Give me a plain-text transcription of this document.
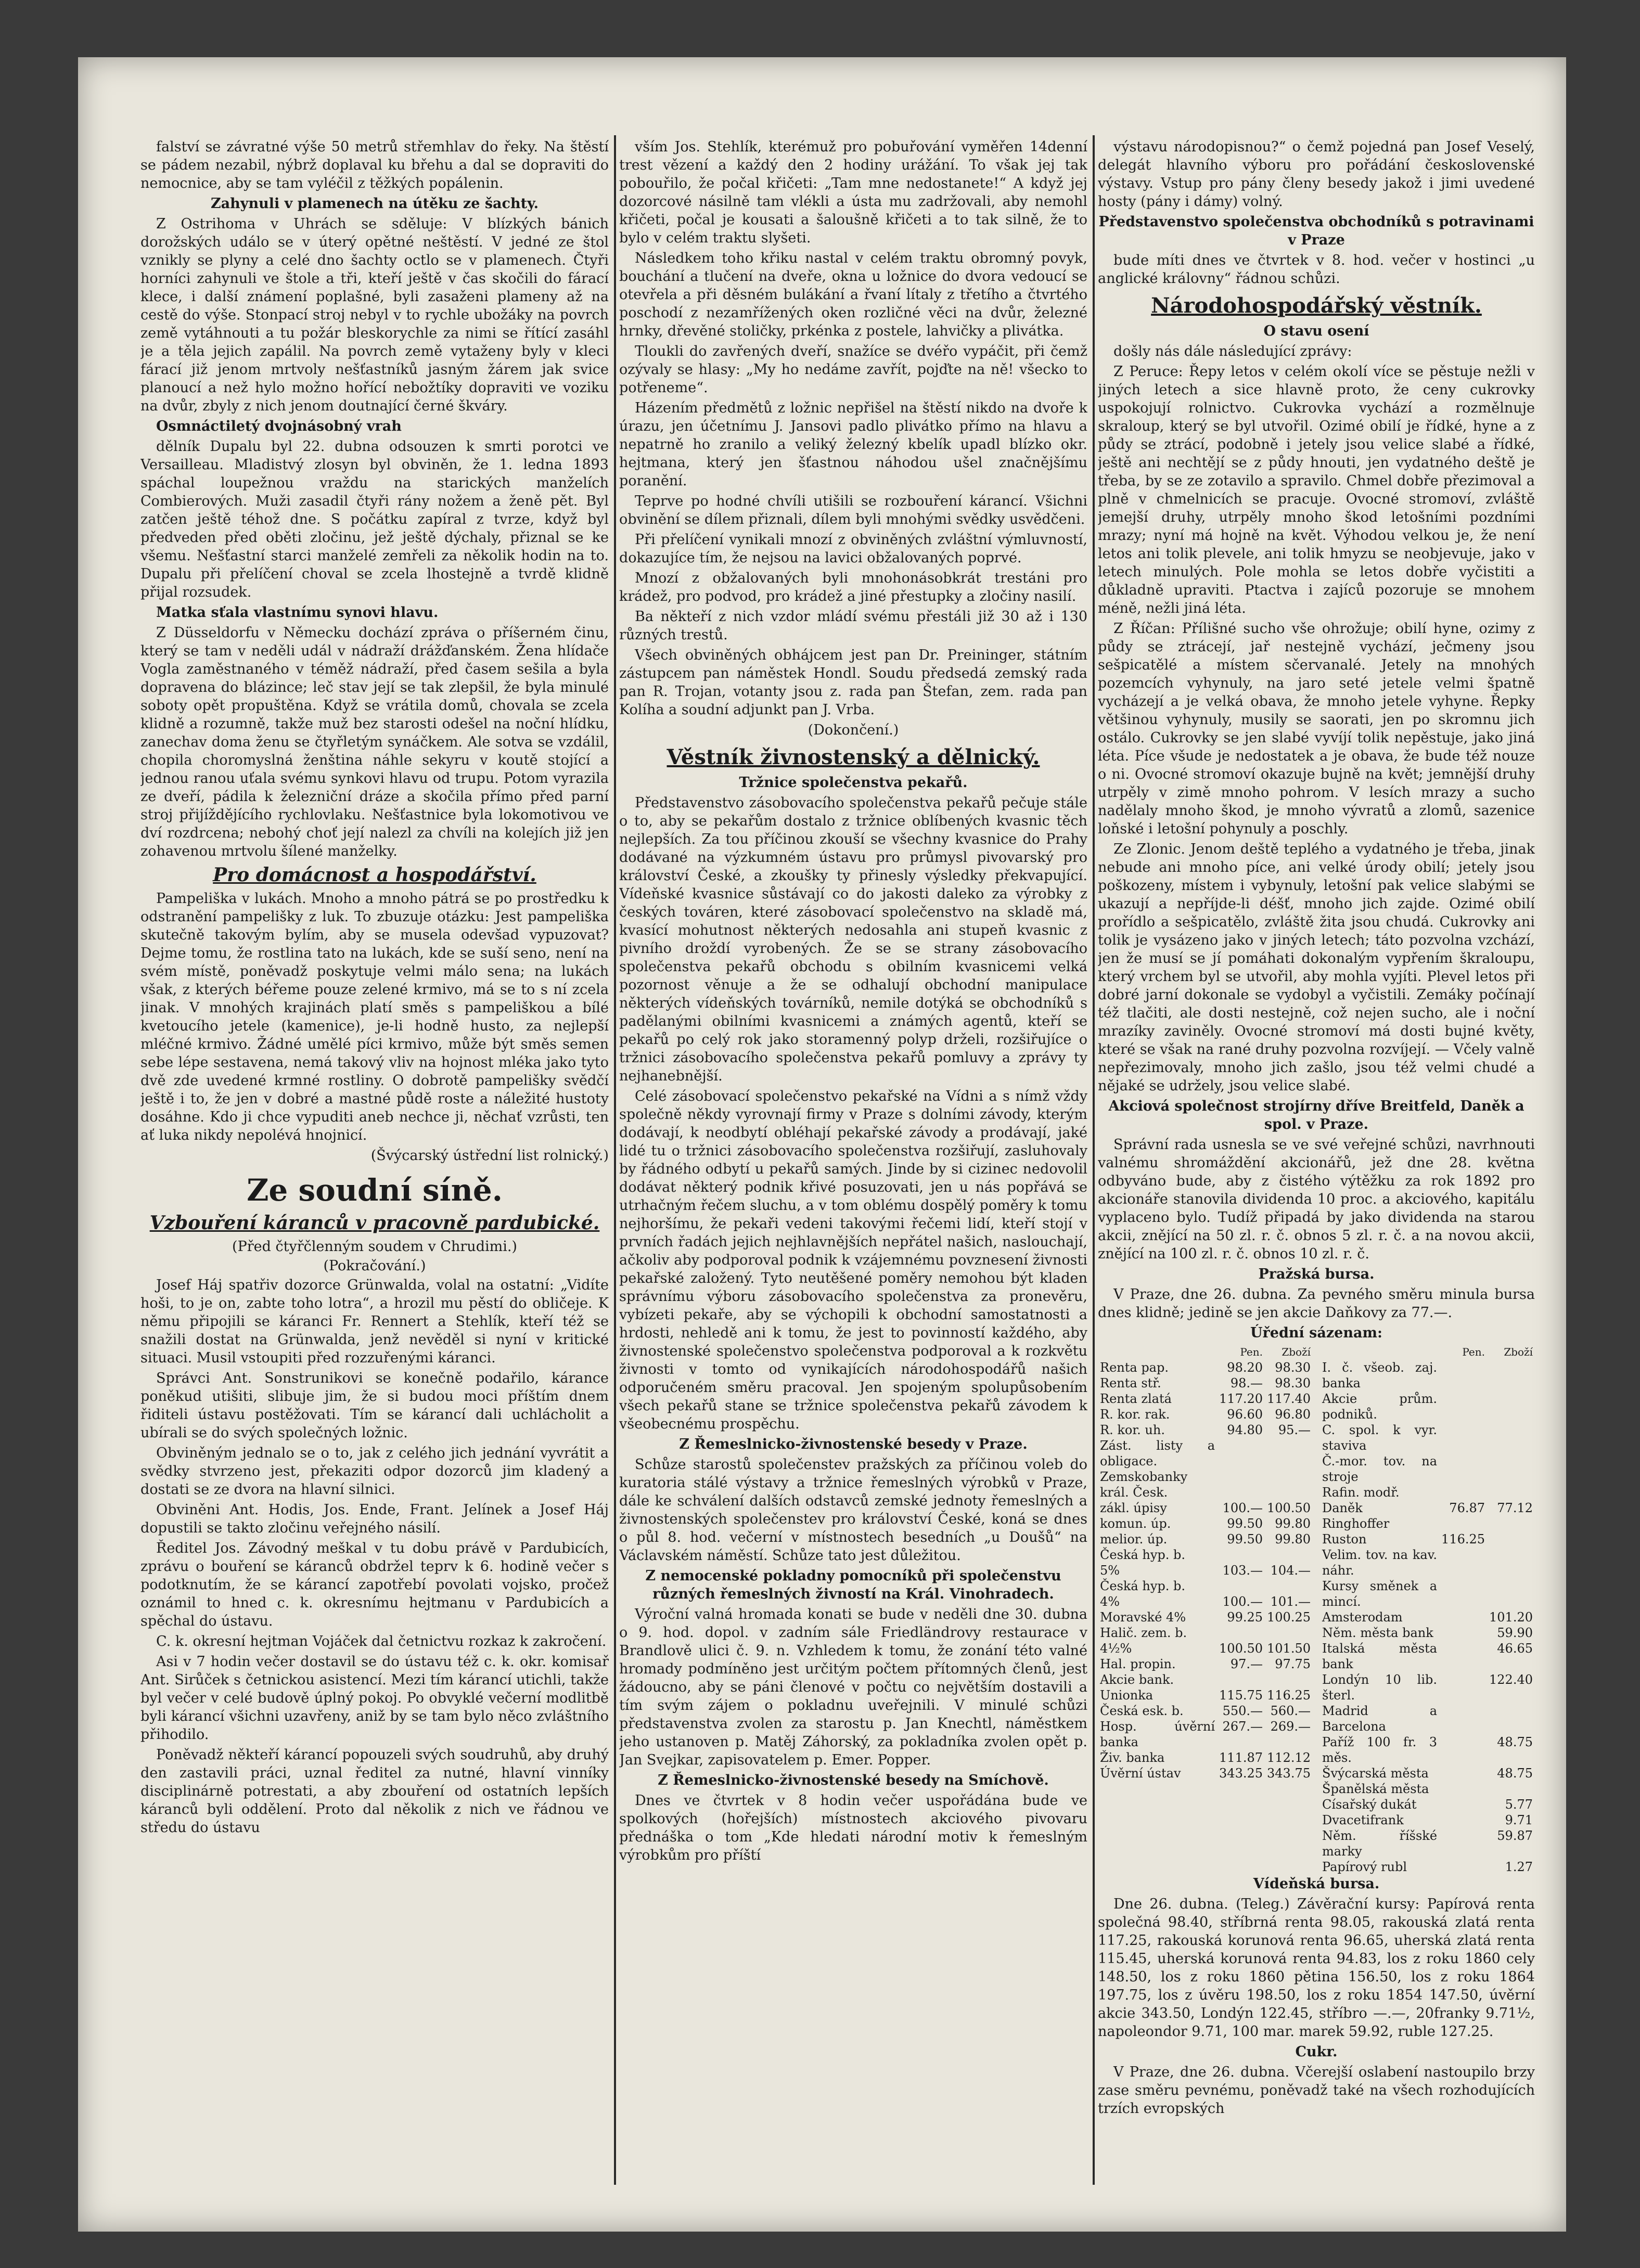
falství se závratné výše 50 metrů střemhlav do řeky. Na štěstí se pádem nezabil, nýbrž doplaval ku břehu a dal se dopraviti do nemocnice, aby se tam vyléčil z těžkých popálenin.

Zahynuli v plamenech na útěku ze šachty.

Z Ostrihoma v Uhrách se sděluje: V blízkých bánich dorožských událo se v úterý opětné neštěstí. V jedné ze štol vznikly se plyny a celé dno šachty octlo se v plamenech. Čtyři horníci zahynuli ve štole a tři, kteří ještě v čas skočili do fárací klece, i další známení poplašné, byli zasaženi plameny až na cestě do výše. Stonpací stroj nebyl v to rychle ubožáky na povrch země vytáhnouti a tu požár bleskorychle za nimi se řítící zasáhl je a těla jejich zapálil. Na povrch země vytaženy byly v kleci fárací již jenom mrtvoly nešťastníků jasným žárem jak svice planoucí a než hylo možno hořící nebožtíky dopraviti ve voziku na dvůr, zbyly z nich jenom doutnající černé škváry.

Osmnáctiletý dvojnásobný vrah

dělník Dupalu byl 22. dubna odsouzen k smrti porotci ve Versailleau. Mladistvý zlosyn byl obviněn, že 1. ledna 1893 spáchal loupežnou vraždu na starických manželích Combierových. Muži zasadil čtyři rány nožem a ženě pět. Byl zatčen ještě téhož dne. S počátku zapíral z tvrze, když byl předveden před oběti zločinu, jež ještě dýchaly, přiznal se ke všemu. Nešťastní starci manželé zemřeli za několik hodin na to. Dupalu při přelíčení choval se zcela lhostejně a tvrdě klidně přijal rozsudek.

Matka sťala vlastnímu synovi hlavu.

Z Düsseldorfu v Německu dochází zpráva o příšerném činu, který se tam v neděli udál v nádraží drážďanském. Žena hlídače Vogla zaměstnaného v téměž nádraží, před časem sešila a byla dopravena do blázince; leč stav její se tak zlepšil, že byla minulé soboty opět propuštěna. Když se vrátila domů, chovala se zcela klidně a rozumně, takže muž bez starosti odešel na noční hlídku, zanechav doma ženu se čtyřletým synáčkem. Ale sotva se vzdálil, chopila choromyslná ženština náhle sekyru v koutě stojící a jednou ranou uťala svému synkovi hlavu od trupu. Potom vyrazila ze dveří, pádila k železniční dráze a skočila přímo před parní stroj přijíždějícího rychlovlaku. Nešťastnice byla lokomotivou ve dví rozdrcena; nebohý choť její nalezl za chvíli na kolejích již jen zohavenou mrtvolu šílené manželky.

Pro domácnost a hospodářství.

Pampeliška v lukách. Mnoho a mnoho pátrá se po prostředku k odstranění pampelišky z luk. To zbuzuje otázku: Jest pampeliška skutečně takovým bylím, aby se musela odevšad vypuzovat? Dejme tomu, že rostlina tato na lukách, kde se suší seno, není na svém místě, poněvadž poskytuje velmi málo sena; na lukách však, z kterých béřeme pouze zelené krmivo, má se to s ní zcela jinak. V mnohých krajinách platí směs s pampeliškou a bílé kvetoucího jetele (kamenice), je-li hodně husto, za nejlepší mléčné krmivo. Žádné umělé píci krmivo, může být směs semen sebe lépe sestavena, nemá takový vliv na hojnost mléka jako tyto dvě zde uvedené krmné rostliny. O dobrotě pampelišky svědčí ještě i to, že jen v dobré a mastné půdě roste a náležité hustoty dosáhne. Kdo ji chce vypuditi aneb nechce ji, něchať vzrůsti, ten ať luka nikdy nepolévá hnojnicí.

(Švýcarský ústřední list rolnický.)

Ze soudní síně.
Vzbouření káranců v pracovně pardubické.
(Před čtyřčlenným soudem v Chrudimi.)
(Pokračování.)

Josef Háj spatřiv dozorce Grünwalda, volal na ostatní: „Vidíte hoši, to je on, zabte toho lotra“, a hrozil mu pěstí do obličeje. K němu připojili se káranci Fr. Rennert a Stehlík, kteří též se snažili dostat na Grünwalda, jenž nevěděl si nyní v kritické situaci. Musil vstoupiti před rozzuřenými káranci.

Správci Ant. Sonstrunikovi se konečně podařilo, kárance poněkud utišiti, slibuje jim, že si budou moci příštím dnem řiditeli ústavu postěžovati. Tím se kárancí dali uchlácholit a ubírali se do svých společných ložnic.

Obviněným jednalo se o to, jak z celého jich jednání vyvrátit a svědky stvrzeno jest, překaziti odpor dozorců jim kladený a dostati se ze dvora na hlavní silnici.

Obviněni Ant. Hodis, Jos. Ende, Frant. Jelínek a Josef Háj dopustili se takto zločinu veřejného násilí.

Ředitel Jos. Závodný meškal v tu dobu právě v Pardubicích, zprávu o bouření se káranců obdržel teprv k 6. hodině večer s podotknutím, že se kárancí zapotřebí povolati vojsko, pročež oznámil to hned c. k. okresnímu hejtmanu v Pardubicích a spěchal do ústavu.

C. k. okresní hejtman Vojáček dal četnictvu rozkaz k zakročení.

Asi v 7 hodin večer dostavil se do ústavu též c. k. okr. komisař Ant. Sirůček s četnickou asistencí. Mezi tím kárancí utichli, takže byl večer v celé budově úplný pokoj. Po obvyklé večerní modlitbě byli kárancí všichni uzavřeny, aniž by se tam bylo něco zvláštního přihodilo.

Poněvadž někteří kárancí popouzeli svých soudruhů, aby druhý den zastavili práci, uznal ředitel za nutné, hlavní vinníky disciplinárně potrestati, a aby zbouření od ostatních lepších káranců byli oddělení. Proto dal několik z nich ve řádnou ve středu do ústavu

vším Jos. Stehlík, kterémuž pro pobuřování vyměřen 14denní trest vězení a každý den 2 hodiny urážání. To však jej tak pobouřilo, že počal křičeti: „Tam mne nedostanete!“ A když jej dozorcové násilně tam vlékli a ústa mu zadržovali, aby nemohl křičeti, počal je kousati a šaloušně křičeti a to tak silně, že to bylo v celém traktu slyšeti.

Následkem toho křiku nastal v celém traktu obromný povyk, bouchání a tlučení na dveře, okna u ložnice do dvora vedoucí se otevřela a při děsném bulákání a řvaní lítaly z třetího a čtvrtého poschodí z nezamřížených oken rozličné věci na dvůr, železné hrnky, dřevěné stoličky, prkénka z postele, lahvičky a plivátka.

Tloukli do zavřených dveří, snažíce se dvéřo vypáčit, při čemž ozývaly se hlasy: „My ho nedáme zavřít, pojďte na ně! všecko to potřeneme“.

Házením předmětů z ložnic nepřišel na štěstí nikdo na dvoře k úrazu, jen účetnímu J. Jansovi padlo plivátko přímo na hlavu a nepatrně ho zranilo a veliký železný kbelík upadl blízko okr. hejtmana, který jen šťastnou náhodou ušel značnějšímu poranění.

Teprve po hodné chvíli utišili se rozbouření kárancí. Všichni obvinění se dílem přiznali, dílem byli mnohými svědky usvědčeni.

Při přelíčení vynikali mnozí z obviněných zvláštní výmluvností, dokazujíce tím, že nejsou na lavici obžalovaných poprvé.

Mnozí z obžalovaných byli mnohonásobkrát trestáni pro krádež, pro podvod, pro krádež a jiné přestupky a zločiny nasilí.

Ba někteří z nich vzdor mládí svému přestáli již 30 až i 130 různých trestů.

Všech obviněných obhájcem jest pan Dr. Preininger, státním zástupcem pan náměstek Hondl. Soudu předsedá zemský rada pan R. Trojan, votanty jsou z. rada pan Štefan, zem. rada pan Kolíha a soudní adjunkt pan J. Vrba.

(Dokončení.)

Věstník živnostenský a dělnický.

Tržnice společenstva pekařů.

Představenstvo zásobovacího společenstva pekařů pečuje stále o to, aby se pekařům dostalo z tržnice oblíbených kvasnic těch nejlepších. Za tou příčinou zkouší se všechny kvasnice do Prahy dodávané na výzkumném ústavu pro průmysl pivovarský pro království České, a zkoušky ty přinesly výsledky překvapující. Vídeňské kvasnice sůstávají co do jakosti daleko za výrobky z českých továren, které zásobovací společenstvo na skladě má, kvasící mohutnost některých nedosahla ani stupeň kvasnic z pivního droždí vyrobených. Že se se strany zásobovacího společenstva pekařů obchodu s obilním kvasnicemi velká pozornost věnuje a že se odhalují obchodní manipulace některých vídeňských továrníků, nemile dotýká se obchodníků s padělanými obilními kvasnicemi a známých agentů, kteří se pekařů po celý rok jako storamenný polyp drželi, rozšiřujíce o tržnici zásobovacího společenstva pekařů pomluvy a zprávy ty nejhanebnější.

Celé zásobovací společenstvo pekařské na Vídni a s nímž vždy společně někdy vyrovnají firmy v Praze s dolními závody, kterým dodávají, k neodbytí obléhají pekařské závody a prodávají, jaké lidé tu o tržnici zásobovacího společenstva rozšiřují, zasluhovaly by řádného odbytí u pekařů samých. Jinde by si cizinec nedovolil dodávat některý podnik křivé posuzovati, jen u nás popřává se utrhačným řečem sluchu, a v tom oblému dospělý poměry k tomu nejhoršímu, že pekaři vedeni takovými řečemi lidí, kteří stojí v prvních řadách jejich nejhlavnějších nepřátel našich, naslouchají, ačkoliv aby podporoval podnik k vzájemnému povznesení živnosti pekařské založený. Tyto neutěšené poměry nemohou být kladen správnímu výboru zásobovacího společenstva za pronevěru, vybízeti pekaře, aby se výchopili k obchodní samostatnosti a hrdosti, nehledě ani k tomu, že jest to povinností každého, aby živnostenské společenstvo společenstva podporoval a k rozkvětu živnosti v tomto od vynikajících národohospodářů našich odporučeném směru pracoval. Jen spojeným spolupůsobením všech pekařů stane se tržnice společenstva pekařů závodem k všeobecnému prospěchu.

Z Řemeslnicko-živnostenské besedy v Praze.

Schůze starostů společenstev pražských za příčinou voleb do kuratoria stálé výstavy a tržnice řemeslných výrobků v Praze, dále ke schválení dalších odstavců zemské jednoty řemeslných a živnostenských společenstev pro království České, koná se dnes o půl 8. hod. večerní v místnostech besedních „u Doušů“ na Václavském náměstí. Schůze tato jest důležitou.

Z nemocenské pokladny pomocníků při společenstvu různých řemeslných živností na Král. Vinohradech.

Výroční valná hromada konati se bude v neděli dne 30. dubna o 9. hod. dopol. v zadním sále Friedländrovy restaurace v Brandlově ulici č. 9. n. Vzhledem k tomu, že zonání této valné hromady podmíněno jest určitým počtem přítomných členů, jest žádoucno, aby se páni členové v počtu co největším dostavili a tím svým zájem o pokladnu uveřejnili. V minulé schůzi představenstva zvolen za starostu p. Jan Knechtl, náměstkem jeho ustanoven p. Matěj Záhorský, za pokladníka zvolen opět p. Jan Svejkar, zapisovatelem p. Emer. Popper.

Z Řemeslnicko-živnostenské besedy na Smíchově.

Dnes ve čtvrtek v 8 hodin večer uspořádána bude ve spolkových (hořejších) místnostech akciového pivovaru přednáška o tom „Kde hledati národní motiv k řemeslným výrobkům pro příští

výstavu národopisnou?“ o čemž pojedná pan Josef Veselý, delegát hlavního výboru pro pořádání československé výstavy. Vstup pro pány členy besedy jakož i jimi uvedené hosty (pány i dámy) volný.

Představenstvo společenstva obchodníků s potravinami v Praze

bude míti dnes ve čtvrtek v 8. hod. večer v hostinci „u anglické královny“ řádnou schůzi.

Národohospodářský věstník.

O stavu osení

došly nás dále následující zprávy:

Z Perucе: Řepy letos v celém okolí více se pěstuje nežli v jiných letech a sice hlavně proto, že ceny cukrovky uspokojují rolnictvo. Cukrovka vychází a rozmělnuje skraloup, který se byl utvořil. Ozimé obilí je řídké, hyne a z půdy se ztrácí, podobně i jetely jsou velice slabé a řídké, ještě ani nechtějí se z půdy hnouti, jen vydatného deště je třeba, by se ze zotavilo a spravilo. Chmel dobře přezimoval a plně v chmelnicích se pracuje. Ovocné stromoví, zvláště jemejší druhy, utrpěly mnoho škod letošními pozdními mrazy; nyní má hojně na květ. Výhodou velkou je, že není letos ani tolik plevele, ani tolik hmyzu se neobjevuje, jako v letech minulých. Pole mohla se letos dobře vyčistiti a důkladně upraviti. Ptactva i zajíců pozoruje se mnohem méně, nežli jiná léta.

Z Říčan: Přílišné sucho vše ohrožuje; obilí hyne, ozimy z půdy se ztrácejí, jař nestejně vychází, ječmeny jsou sešpicatělé a místem sčervanalé. Jetely na mnohých pozemcích vyhynuly, na jaro seté jetele velmi špatně vycházejí a je velká obava, že mnoho jetele vyhyne. Řepky většinou vyhynuly, musily se saorati, jen po skromnu jich ostálo. Cukrovky se jen slabé vyvíjí tolik nepěstuje, jako jiná léta. Píce všude je nedostatek a je obava, že bude též nouze o ni. Ovocné stromoví okazuje bujně na květ; jemnější druhy utrpěly v zimě mnoho pohrom. V lesích mrazy a sucho nadělaly mnoho škod, je mnoho vývratů a zlomů, sazenice loňské i letošní pohynuly a poschly.

Ze Zlonic. Jenom deště teplého a vydatného je třeba, jinak nebude ani mnoho píce, ani velké úrody obilí; jetely jsou poškozeny, místem i vybynuly, letošní pak velice slabými se ukazují a nepříjde-li déšť, mnoho jich zajde. Ozimé obilí prořídlo a sešpicatělo, zvláště žita jsou chudá. Cukrovky ani tolik je vysázeno jako v jiných letech; táto pozvolna vzchází, jen že musí se jí pomáhati dokonalým vypřením škraloupu, který vrchem byl se utvořil, aby mohla vyjíti. Plevel letos při dobré jarní dokonale se vydobyl a vyčistili. Zemáky počínají též tlačiti, ale dosti nestejně, což nejen sucho, ale i noční mrazíky zaviněly. Ovocné stromoví má dosti bujné květy, které se však na rané druhy pozvolna rozvíjejí. — Včely valně nepřezimovaly, mnoho jich zašlo, jsou též velmi chudé a nějaké se udržely, jsou velice slabé.

Akciová společnost strojírny dříve Breitfeld, Daněk a spol. v Praze.

Správní rada usnesla se ve své veřejné schůzi, navrhnouti valnému shromáždění akcionářů, jež dne 28. května odbyváno bude, aby z čistého výtěžku za rok 1892 pro akcionáře stanovila dividenda 10 proc. a akciového, kapitálu vyplaceno bylo. Tudíž připadá by jako dividenda na starou akcii, znějící na 50 zl. r. č. obnos 5 zl. r. č. a na novou akcii, znějící na 100 zl. r. č. obnos 10 zl. r. č.

Pražská bursa.

V Praze, dne 26. dubna. Za pevného směru minula bursa dnes klidně; jedině se jen akcie Daňkovy za 77.—.

Úřední sázenam:

	Pen.	Zboží
Renta pap.	98.20	98.30
Renta stř.	98.—	98.30
Renta zlatá	117.20	117.40
R. kor. rak.	96.60	96.80
R. kor. uh.	94.80	95.—
Zást. listy a obligace.		
Zemskobanky král. Česk.		
zákl. úpisy	100.—	100.50
komun. úp.	99.50	99.80
melior. úp.	99.50	99.80
Česká hyp. b.		
5%	103.—	104.—
Česká hyp. b.		
4%	100.—	101.—
Moravské 4%	99.25	100.25
Halič. zem. b.		
4½%	100.50	101.50
Hal. propin.	97.—	97.75
Akcie bank.		
Unionka	115.75	116.25
Česká esk. b.	550.—	560.—
Hosp. úvěrní banka	267.—	269.—
Živ. banka	111.87	112.12
Úvěrní ústav	343.25	343.75
	Pen.	Zboží
I. č. všeob. zaj. banka		
Akcie prům. podniků.		
C. spol. k vyr. staviva		
Č.-mor. tov. na stroje		
Rafin. modř.		
Daněk	76.87	77.12
Ringhoffer		
Ruston	116.25	
Velim. tov. na kav. náhr.		
Kursy směnek a mincí.		
Amsterodam		101.20
Něm. města bank		59.90
Italská města bank		46.65
Londýn 10 lib. šterl.		122.40
Madrid a Barcelona		
Paříž 100 fr. 3 měs.		48.75
Švýcarská města		48.75
Španělská města		
Císařský dukát		5.77
Dvacetifrank		9.71
Něm. říšské marky		59.87
Papírový rubl		1.27

Vídeňská bursa.

Dne 26. dubna. (Teleg.) Závěrační kursy: Papírová renta společná 98.40, stříbrná renta 98.05, rakouská zlatá renta 117.25, rakouská korunová renta 96.65, uherská zlatá renta 115.45, uherská korunová renta 94.83, los z roku 1860 cely 148.50, los z roku 1860 pětina 156.50, los z roku 1864 197.75, los z úvěru 198.50, los z roku 1854 147.50, úvěrní akcie 343.50, Londýn 122.45, stříbro —.—, 20franky 9.71½, napoleondor 9.71, 100 mar. marek 59.92, ruble 127.25.

Cukr.

V Praze, dne 26. dubna. Včerejší oslabení nastoupilo brzy zase směru pevnému, poněvadž také na všech rozhodujících trzích evropských
